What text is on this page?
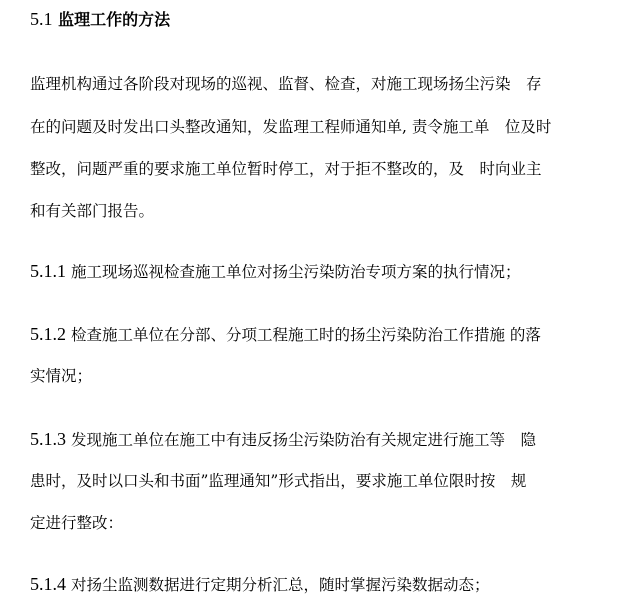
5.1 监理工作的方法
监理机构通过各阶段对现场的巡视、监督、检查，对施工现场扬尘污染　存
在的问题及时发出口头整改通知，发监理工程师通知单, 责令施工单　位及时
整改，问题严重的要求施工单位暂时停工，对于拒不整改的，及　时向业主
和有关部门报告。
5.1.1 施工现场巡视检查施工单位对扬尘污染防治专项方案的执行情况；
5.1.2 检查施工单位在分部、分项工程施工时的扬尘污染防治工作措施 的落
实情况；
5.1.3 发现施工单位在施工中有违反扬尘污染防治有关规定进行施工等　隐
患时，及时以口头和书面”监理通知”形式指出，要求施工单位限时按　规
定进行整改：
5.1.4 对扬尘监测数据进行定期分析汇总，随时掌握污染数据动态；
